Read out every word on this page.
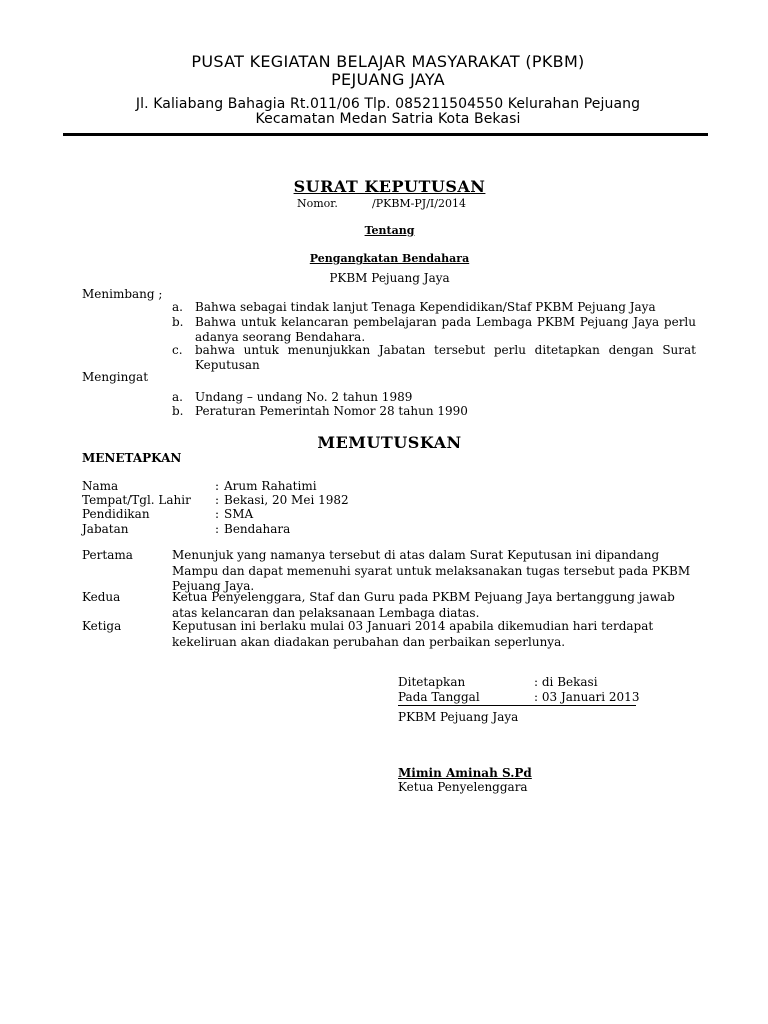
PUSAT KEGIATAN BELAJAR MASYARAKAT (PKBM)
PEJUANG JAYA
Jl. Kaliabang Bahagia Rt.011/06 Tlp. 085211504550 Kelurahan Pejuang
Kecamatan Medan Satria Kota Bekasi
SURAT KEPUTUSAN
Nomor.	/PKBM-PJ/I/2014
Tentang
Pengangkatan Bendahara
PKBM Pejuang Jaya
Menimbang ;
a. Bahwa sebagai tindak lanjut Tenaga Kependidikan/Staf PKBM Pejuang Jaya
b. Bahwa untuk kelancaran pembelajaran pada Lembaga PKBM Pejuang Jaya perlu adanya seorang Bendahara.
c. bahwa untuk menunjukkan Jabatan tersebut perlu ditetapkan dengan Surat Keputusan
Mengingat
a. Undang – undang No. 2 tahun 1989
b. Peraturan Pemerintah Nomor 28 tahun 1990
MEMUTUSKAN
MENETAPKAN
Nama	: Arum Rahatimi
Tempat/Tgl. Lahir : Bekasi, 20 Mei 1982
Pendidikan	: SMA
Jabatan	: Bendahara
Pertama	Menunjuk yang namanya tersebut di atas dalam Surat Keputusan ini dipandang Mampu dan dapat memenuhi syarat untuk melaksanakan tugas tersebut pada PKBM Pejuang Jaya.
Kedua	Ketua Penyelenggara, Staf dan Guru pada PKBM Pejuang Jaya bertanggung jawab atas kelancaran dan pelaksanaan Lembaga diatas.
Ketiga	Keputusan ini berlaku mulai 03 Januari 2014 apabila dikemudian hari terdapat kekeliruan akan diadakan perubahan dan perbaikan seperlunya.
Ditetapkan	: di Bekasi
Pada Tanggal	: 03 Januari 2013
PKBM Pejuang Jaya
Mimin Aminah S.Pd
Ketua Penyelenggara
